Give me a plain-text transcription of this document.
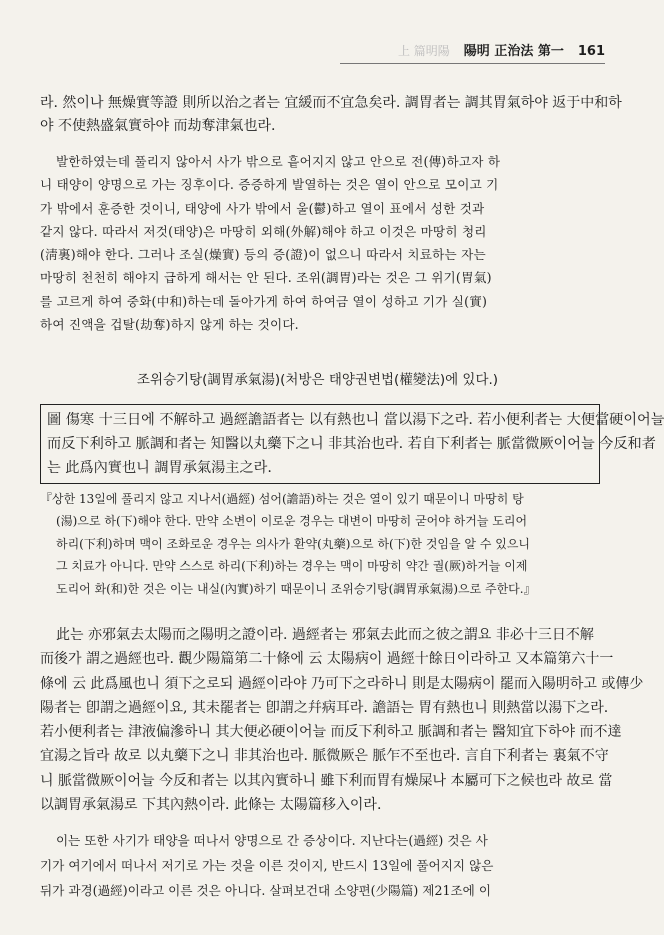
上 篇明陽 陽明 正治法 第一 161
라. 然이나 無燥實等證 則所以治之者는 宜緩而不宜急矣라. 調胃者는 調其胃氣하야 返于中和하
야 不使熱盛氣實하야 而劫奪津氣也라.
발한하였는데 풀리지 않아서 사가 밖으로 흩어지지 않고 안으로 전(傳)하고자 하
니 태양이 양명으로 가는 징후이다. 증증하게 발열하는 것은 열이 안으로 모이고 기
가 밖에서 훈증한 것이니, 태양에 사가 밖에서 울(鬱)하고 열이 표에서 성한 것과
같지 않다. 따라서 저것(태양)은 마땅히 외해(外解)해야 하고 이것은 마땅히 청리
(淸裏)해야 한다. 그러나 조실(燥實) 등의 증(證)이 없으니 따라서 치료하는 자는
마땅히 천천히 해야지 급하게 해서는 안 된다. 조위(調胃)라는 것은 그 위기(胃氣)
를 고르게 하여 중화(中和)하는데 돌아가게 하여 하여금 열이 성하고 기가 실(實)
하여 진액을 겁탈(劫奪)하지 않게 하는 것이다.
조위승기탕(調胃承氣湯)(처방은 태양권변법(權變法)에 있다.)
圖 傷寒 十三日에 不解하고 過經譫語者는 以有熱也니 當以湯下之라. 若小便利者는 大便當硬이어늘
而反下利하고 脈調和者는 知醫以丸藥下之니 非其治也라. 若自下利者는 脈當微厥이어늘 今反和者
는 此爲內實也니 調胃承氣湯主之라.
『상한 13일에 풀리지 않고 지나서(過經) 섬어(譫語)하는 것은 열이 있기 때문이니 마땅히 탕
(湯)으로 하(下)해야 한다. 만약 소변이 이로운 경우는 대변이 마땅히 굳어야 하거늘 도리어
하리(下利)하며 맥이 조화로운 경우는 의사가 환약(丸藥)으로 하(下)한 것임을 알 수 있으니
그 치료가 아니다. 만약 스스로 하리(下利)하는 경우는 맥이 마땅히 약간 궐(厥)하거늘 이제
도리어 화(和)한 것은 이는 내실(內實)하기 때문이니 조위승기탕(調胃承氣湯)으로 주한다.』
此는 亦邪氣去太陽而之陽明之證이라. 過經者는 邪氣去此而之彼之謂요 非必十三日不解
而後가 謂之過經也라. 觀少陽篇第二十條에 云 太陽病이 過經十餘日이라하고 又本篇第六十一
條에 云 此爲風也니 須下之로되 過經이라야 乃可下之라하니 則是太陽病이 罷而入陽明하고 或傳少
陽者는 卽謂之過經이요, 其未罷者는 卽謂之幷病耳라. 譫語는 胃有熱也니 則熱當以湯下之라.
若小便利者는 津液偏滲하니 其大便必硬이어늘 而反下利하고 脈調和者는 醫知宜下하야 而不達
宜湯之旨라 故로 以丸藥下之니 非其治也라. 脈微厥은 脈乍不至也라. 言自下利者는 裏氣不守
니 脈當微厥이어늘 今反和者는 以其內實하니 雖下利而胃有燥屎나 本屬可下之候也라 故로 當
以調胃承氣湯로 下其內熱이라. 此條는 太陽篇移入이라.
이는 또한 사기가 태양을 떠나서 양명으로 간 증상이다. 지난다는(過經) 것은 사
기가 여기에서 떠나서 저기로 가는 것을 이른 것이지, 반드시 13일에 풀어지지 않은
뒤가 과경(過經)이라고 이른 것은 아니다. 살펴보건대 소양편(少陽篇) 제21조에 이
